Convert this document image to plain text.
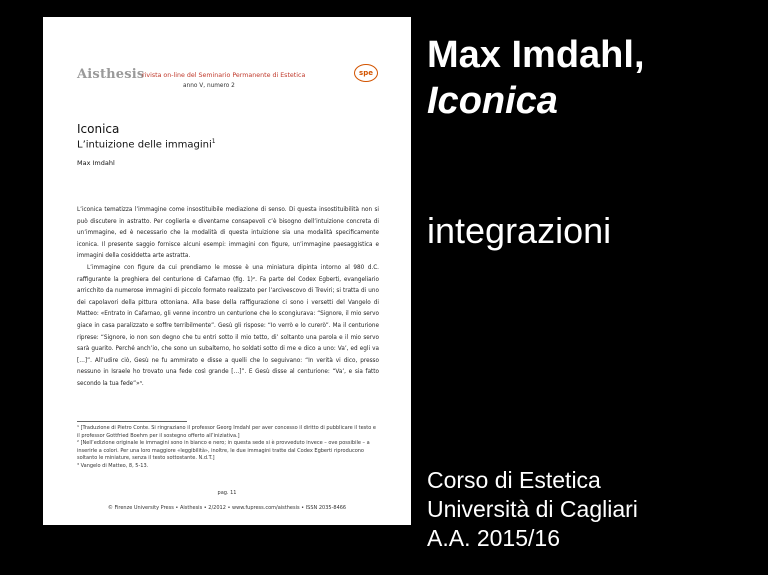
Aisthesis
rivista on-line del Seminario Permanente di Estetica
anno V, numero 2
spe
Iconica
L’intuizione delle immagini$^1$
Max Imdahl

L’iconica tematizza l’immagine come insostituibile mediazione di senso. Di questa insostituibilità non si può discutere in astratto. Per coglierla e diventarne consapevoli c’è bisogno dell’intuizione concreta di un’immagine, ed è necessario che la modalità di questa intuizione sia una modalità specificamente iconica. Il presente saggio fornisce alcuni esempi: immagini con figure, un’immagine paesaggistica e immagini della cosiddetta arte astratta.

L’immagine con figure da cui prendiamo le mosse è una miniatura dipinta intorno al 980 d.C. raffigurante la preghiera del centurione di Cafarnao (fig. 1)². Fa parte del Codex Egberti, evangeliario arricchito da numerose immagini di piccolo formato realizzato per l’arcivescovo di Treviri; si tratta di uno dei capolavori della pittura ottoniana. Alla base della raffigurazione ci sono i versetti del Vangelo di Matteo: «Entrato in Cafarnao, gli venne incontro un centurione che lo scongiurava: “Signore, il mio servo giace in casa paralizzato e soffre terribilmente”. Gesù gli rispose: “Io verrò e lo curerò”. Ma il centurione riprese: “Signore, io non son degno che tu entri sotto il mio tetto, di’ soltanto una parola e il mio servo sarà guarito. Perché anch’io, che sono un subalterno, ho soldati sotto di me e dico a uno: Va’, ed egli va […]”. All’udire ciò, Gesù ne fu ammirato e disse a quelli che lo seguivano: “In verità vi dico, presso nessuno in Israele ho trovato una fede così grande […]”. E Gesù disse al centurione: “Va’, e sia fatto secondo la tua fede”»³.

¹ [Traduzione di Pietro Conte. Si ringraziano il professor Georg Imdahl per aver concesso il diritto di pubblicare il testo e il professor Gottfried Boehm per il sostegno offerto all’iniziativa.]

² [Nell’edizione originale le immagini sono in bianco e nero; in questa sede si è provveduto invece – ove possibile – a inserirle a colori. Per una loro maggiore «leggibilità», inoltre, le due immagini tratte dal Codex Egberti riproducono soltanto le miniature, senza il testo sottostante. N.d.T.]

³ Vangelo di Matteo, 8, 5-13.

pag. 11
© Firenze University Press • Aisthesis • 2/2012 • www.fupress.com/aisthesis • ISSN 2035-8466
Max Imdahl,
Iconica
integrazioni
Corso di Estetica
Università di Cagliari
A.A. 2015/16
